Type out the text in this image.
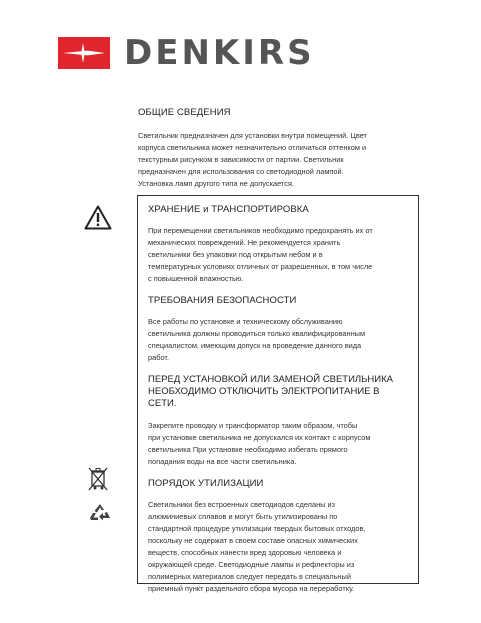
DENKIRS

ОБЩИЕ СВЕДЕНИЯ

Светильник предназначен для установки внутри помещений. Цвет
корпуса светильника может незначительно отличаться оттенком и
текстурным рисунком в зависимости от партии. Светильник
предназначен для использования со светодиодной лампой.
Установка ламп другого типа не допускается.

ХРАНЕНИЕ и ТРАНСПОРТИРОВКА

При перемещении светильников необходимо предохранять их от
механических повреждений. Не рекомендуется хранить
светильники без упаковки под открытым небом и в
температурных условиях отличных от разрешенных, в том числе
с повышенной влажностью.

ТРЕБОВАНИЯ БЕЗОПАСНОСТИ

Все работы по установке и техническому обслуживанию
светильника должны проводиться только квалифицированным
специалистом, имеющим допуск на проведение данного вида
работ.

ПЕРЕД УСТАНОВКОЙ ИЛИ ЗАМЕНОЙ СВЕТИЛЬНИКА
НЕОБХОДИМО ОТКЛЮЧИТЬ ЭЛЕКТРОПИТАНИЕ В СЕТИ.

Закрепите проводку и трансформатор таким образом, чтобы
при установке светильника не допускался их контакт с корпусом
светильника При установке необходимо избегать прямого
попадания воды на все части светильника.

ПОРЯДОК УТИЛИЗАЦИИ

Светильники без встроенных светодиодов сделаны из
алюминиевых сплавов и могут быть утилизированы по
стандартной процедуре утилизации твердых бытовых отходов,
поскольку не содержат в своем составе опасных химических
веществ, способных нанести вред здоровью человека и
окружающей среде. Светодиодные лампы и рефлекторы из
полимерных материалов следует передать в специальный
приемный пункт раздельного сбора мусора на переработку.
